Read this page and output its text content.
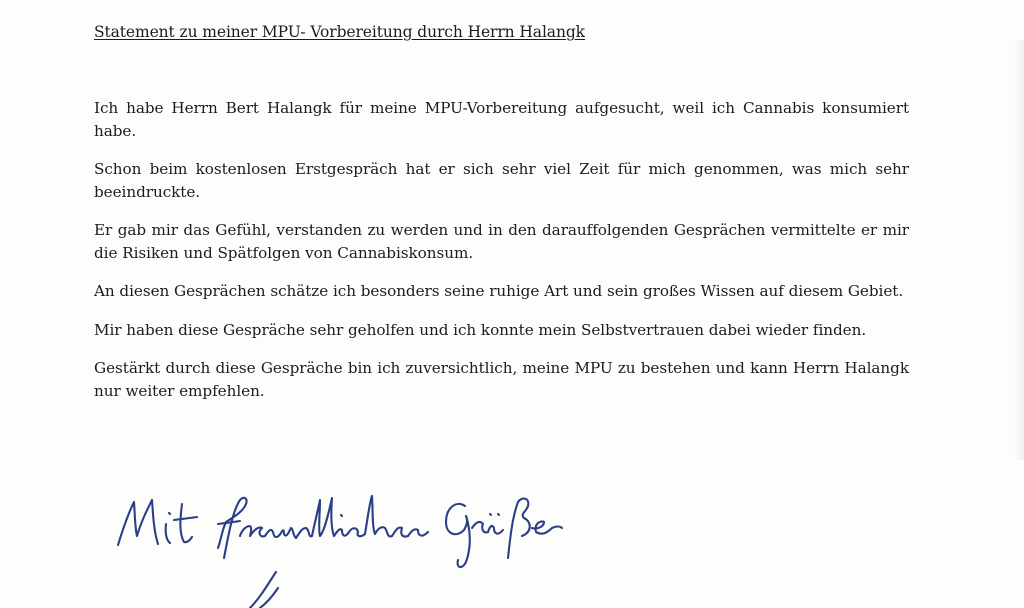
Statement zu meiner MPU- Vorbereitung durch Herrn Halangk

Ich habe Herrn Bert Halangk für meine MPU-Vorbereitung aufgesucht, weil ich Cannabis konsumiert habe.

Schon beim kostenlosen Erstgespräch hat er sich sehr viel Zeit für mich genommen, was mich sehr beeindruckte.

Er gab mir das Gefühl, verstanden zu werden und in den darauffolgenden Gesprächen vermittelte er mir die Risiken und Spätfolgen von Cannabiskonsum.

An diesen Gesprächen schätze ich besonders seine ruhige Art und sein großes Wissen auf diesem Gebiet.

Mir haben diese Gespräche sehr geholfen und ich konnte mein Selbstvertrauen dabei wieder finden.

Gestärkt durch diese Gespräche bin ich zuversichtlich, meine MPU zu bestehen und kann Herrn Halangk nur weiter empfehlen.
